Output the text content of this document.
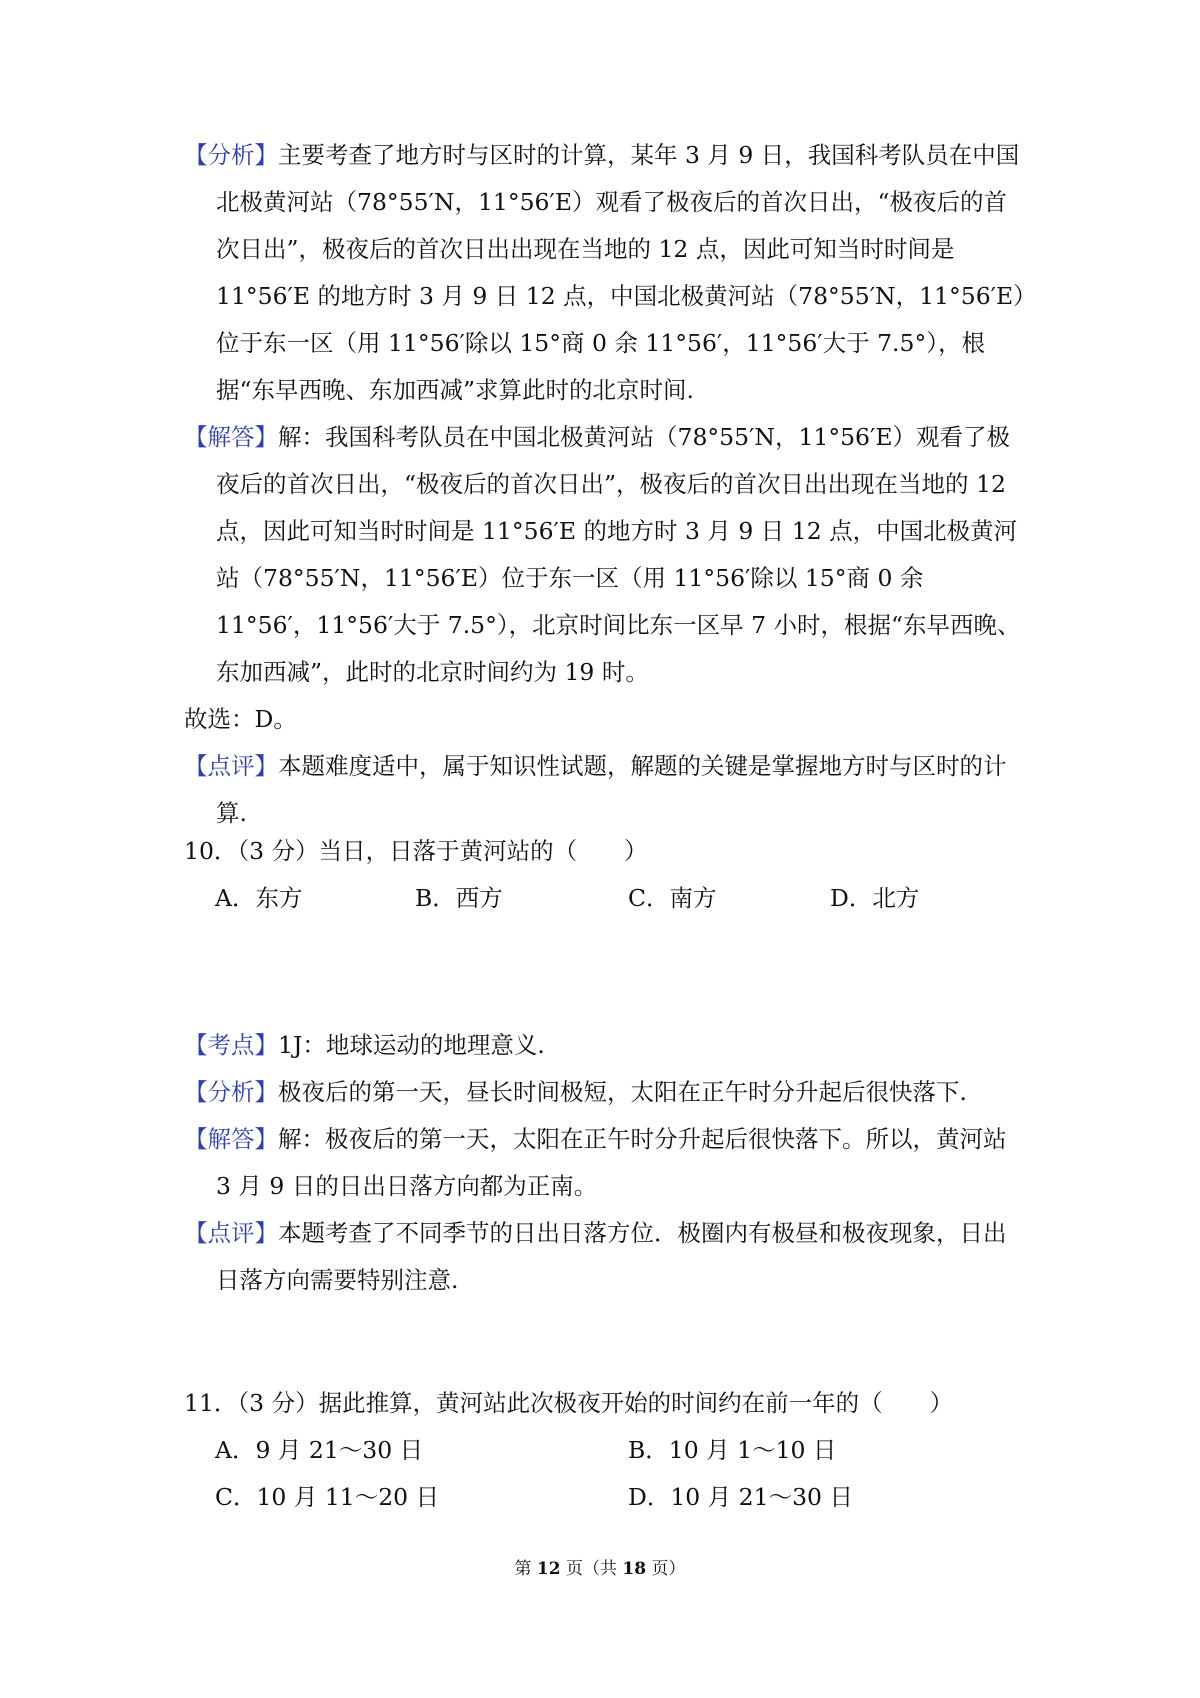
【分析】主要考查了地方时与区时的计算，某年 3 月 9 日，我国科考队员在中国北极黄河站（78°55′N，11°56′E）观看了极夜后的首次日出，“极夜后的首次日出”，极夜后的首次日出出现在当地的 12 点，因此可知当时时间是 11°56′E 的地方时 3 月 9 日 12 点，中国北极黄河站（78°55′N，11°56′E）位于东一区（用 11°56′除以 15°商 0 余 11°56′，11°56′大于 7.5°），根据“东早西晚、东加西减”求算此时的北京时间.

【解答】解：我国科考队员在中国北极黄河站（78°55′N，11°56′E）观看了极夜后的首次日出，“极夜后的首次日出”，极夜后的首次日出出现在当地的 12 点，因此可知当时时间是 11°56′E 的地方时 3 月 9 日 12 点，中国北极黄河站（78°55′N，11°56′E）位于东一区（用 11°56′除以 15°商 0 余 11°56′，11°56′大于 7.5°），北京时间比东一区早 7 小时，根据“东早西晚、东加西减”，此时的北京时间约为 19 时。

故选：D。

【点评】本题难度适中，属于知识性试题，解题的关键是掌握地方时与区时的计算.

10．（3 分）当日，日落于黄河站的（　　）

A．东方	B．西方	C．南方	D．北方

【考点】1J：地球运动的地理意义.

【分析】极夜后的第一天，昼长时间极短，太阳在正午时分升起后很快落下.

【解答】解：极夜后的第一天，太阳在正午时分升起后很快落下。所以，黄河站 3 月 9 日的日出日落方向都为正南。

【点评】本题考查了不同季节的日出日落方位．极圈内有极昼和极夜现象，日出日落方向需要特别注意.

11．（3 分）据此推算，黄河站此次极夜开始的时间约在前一年的（　　）

A．9 月 21～30 日	B．10 月 1～10 日
C．10 月 11～20 日	D．10 月 21～30 日
第 12 页（共 18 页）
